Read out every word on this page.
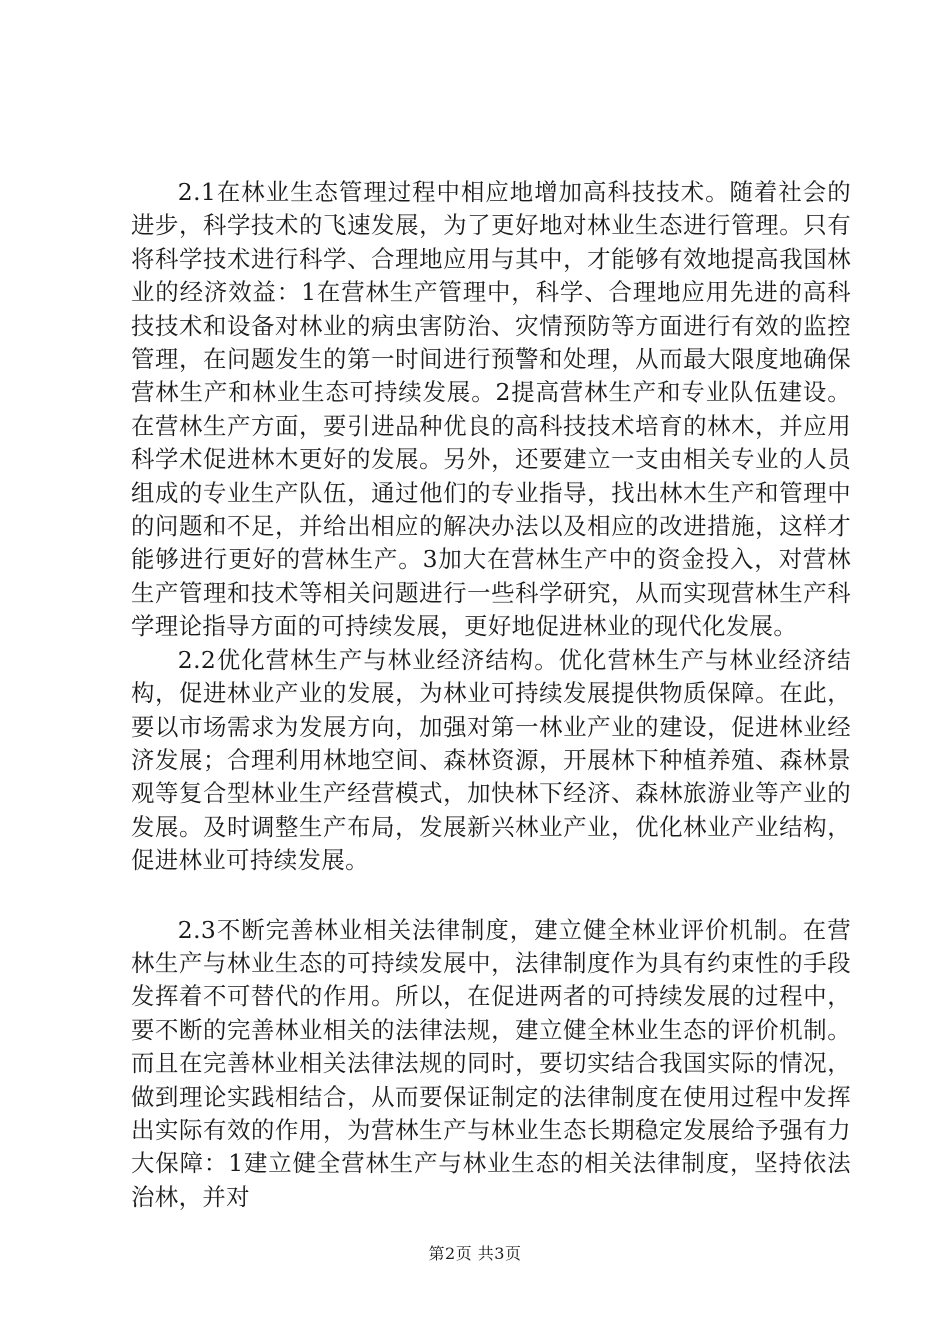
2.1在林业生态管理过程中相应地增加高科技技术。随着社会的进步，科学技术的飞速发展，为了更好地对林业生态进行管理。只有将科学技术进行科学、合理地应用与其中，才能够有效地提高我国林业的经济效益：1在营林生产管理中，科学、合理地应用先进的高科技技术和设备对林业的病虫害防治、灾情预防等方面进行有效的监控管理，在问题发生的第一时间进行预警和处理，从而最大限度地确保营林生产和林业生态可持续发展。2提高营林生产和专业队伍建设。在营林生产方面，要引进品种优良的高科技技术培育的林木，并应用科学术促进林木更好的发展。另外，还要建立一支由相关专业的人员组成的专业生产队伍，通过他们的专业指导，找出林木生产和管理中的问题和不足，并给出相应的解决办法以及相应的改进措施，这样才能够进行更好的营林生产。3加大在营林生产中的资金投入，对营林生产管理和技术等相关问题进行一些科学研究，从而实现营林生产科学理论指导方面的可持续发展，更好地促进林业的现代化发展。

2.2优化营林生产与林业经济结构。优化营林生产与林业经济结构，促进林业产业的发展，为林业可持续发展提供物质保障。在此，要以市场需求为发展方向，加强对第一林业产业的建设，促进林业经济发展；合理利用林地空间、森林资源，开展林下种植养殖、森林景观等复合型林业生产经营模式，加快林下经济、森林旅游业等产业的发展。及时调整生产布局，发展新兴林业产业，优化林业产业结构，促进林业可持续发展。

2.3不断完善林业相关法律制度，建立健全林业评价机制。在营林生产与林业生态的可持续发展中，法律制度作为具有约束性的手段发挥着不可替代的作用。所以，在促进两者的可持续发展的过程中，要不断的完善林业相关的法律法规，建立健全林业生态的评价机制。而且在完善林业相关法律法规的同时，要切实结合我国实际的情况，做到理论实践相结合，从而要保证制定的法律制度在使用过程中发挥出实际有效的作用，为营林生产与林业生态长期稳定发展给予强有力大保障：1建立健全营林生产与林业生态的相关法律制度，坚持依法治林，并对

第2页 共3页
